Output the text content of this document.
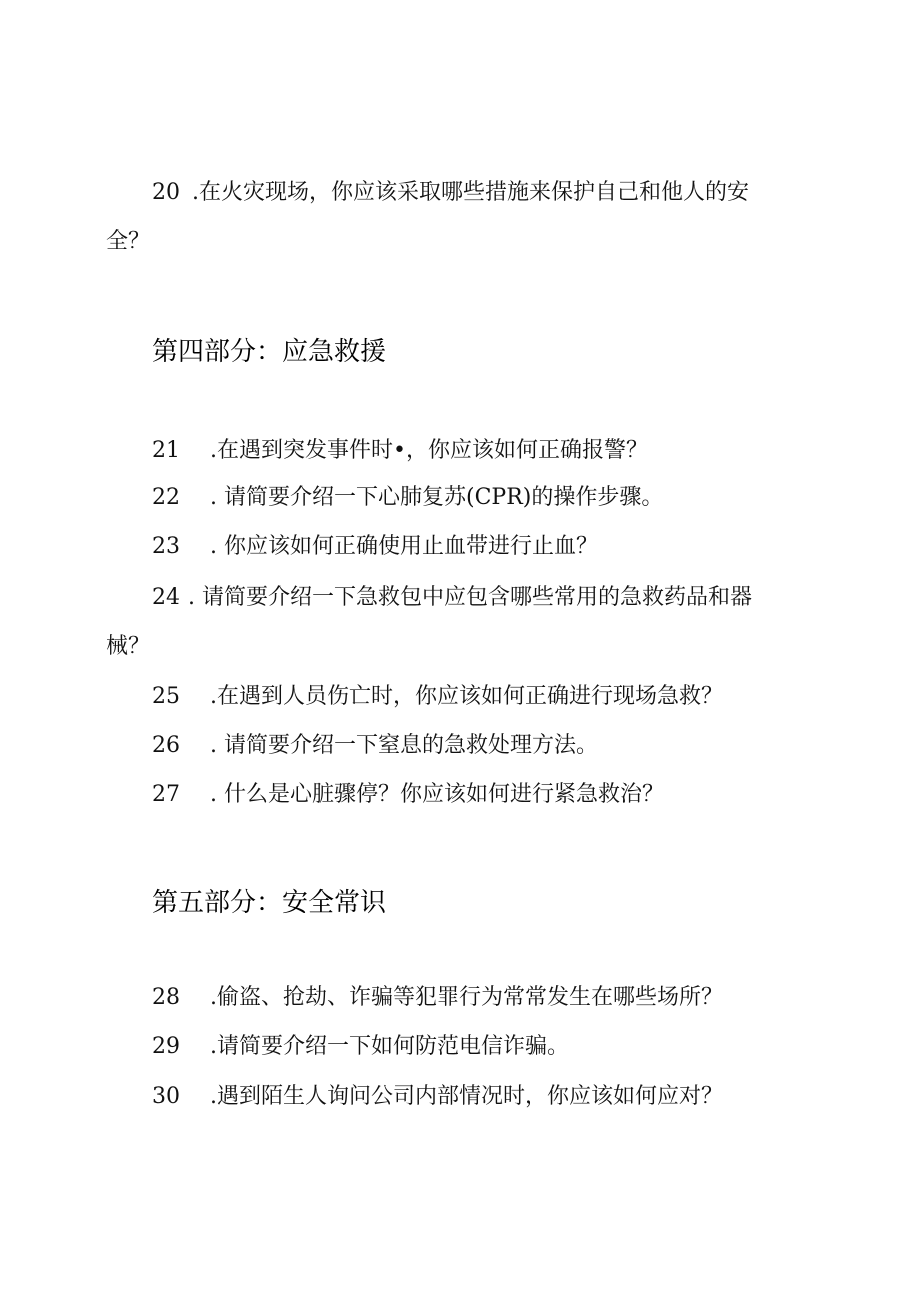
20 .在火灾现场，你应该采取哪些措施来保护自己和他人的安
全？
第四部分：应急救援
21 .在遇到突发事件时•，你应该如何正确报警？
22 . 请简要介绍一下心肺复苏(CPR)的操作步骤。
23 . 你应该如何正确使用止血带进行止血？
24 . 请简要介绍一下急救包中应包含哪些常用的急救药品和器
械？
25 .在遇到人员伤亡时，你应该如何正确进行现场急救？
26 . 请简要介绍一下窒息的急救处理方法。
27 . 什么是心脏骤停？你应该如何进行紧急救治？
第五部分：安全常识
28 .偷盗、抢劫、诈骗等犯罪行为常常发生在哪些场所？
29 .请简要介绍一下如何防范电信诈骗。
30 .遇到陌生人询问公司内部情况时，你应该如何应对？
